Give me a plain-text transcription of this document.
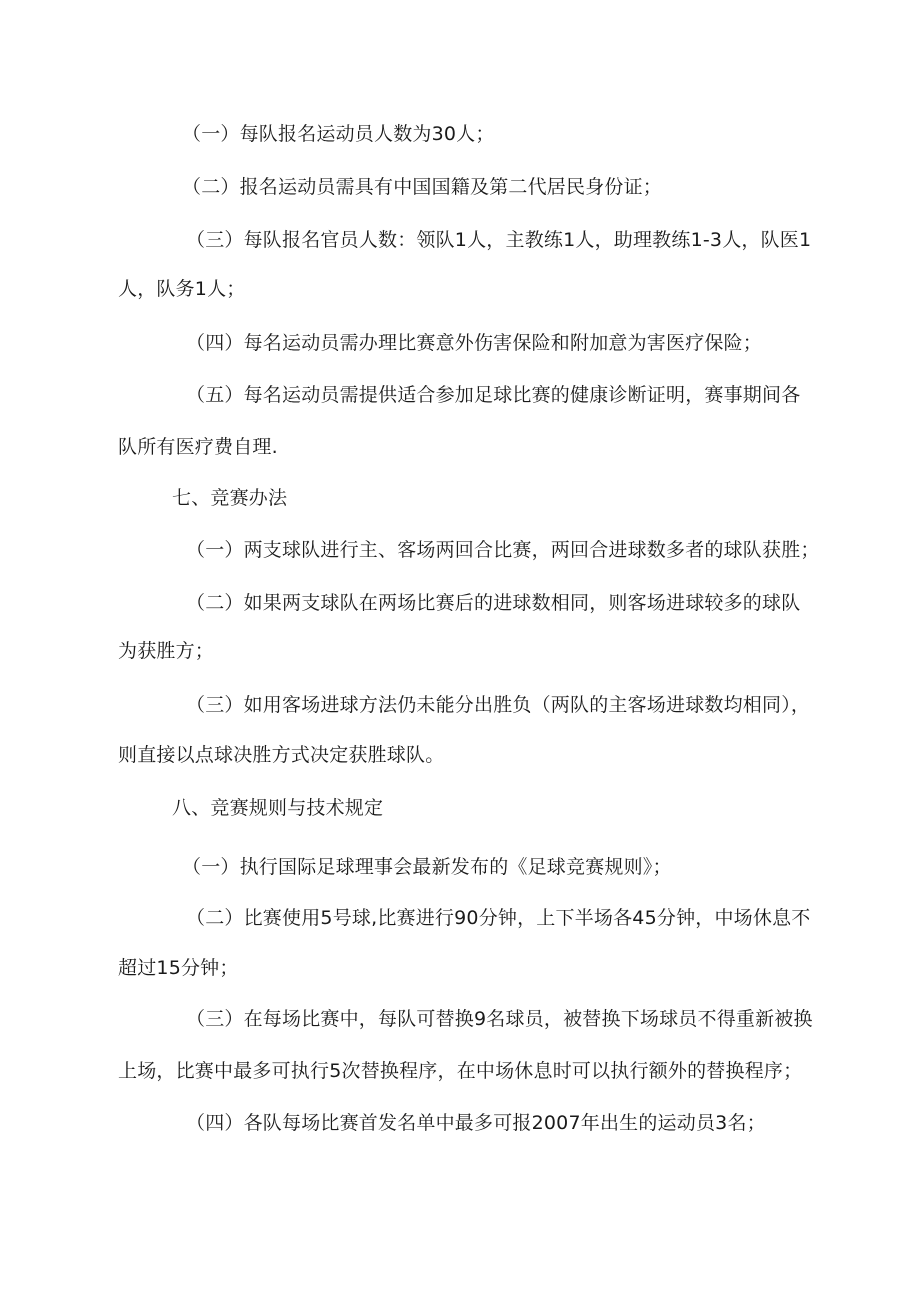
（一）每队报名运动员人数为30人；

（二）报名运动员需具有中国国籍及第二代居民身份证；

（三）每队报名官员人数：领队1人，主教练1人，助理教练1-3人，队医1

人，队务1人；

（四）每名运动员需办理比赛意外伤害保险和附加意为害医疗保险；

（五）每名运动员需提供适合参加足球比赛的健康诊断证明，赛事期间各

队所有医疗费自理.

七、竞赛办法

（一）两支球队进行主、客场两回合比赛，两回合进球数多者的球队获胜；

（二）如果两支球队在两场比赛后的进球数相同，则客场进球较多的球队

为获胜方；

（三）如用客场进球方法仍未能分出胜负（两队的主客场进球数均相同），

则直接以点球决胜方式决定获胜球队。

八、竞赛规则与技术规定

（一）执行国际足球理事会最新发布的《足球竞赛规则》；

（二）比赛使用5号球,比赛进行90分钟，上下半场各45分钟，中场休息不

超过15分钟；

（三）在每场比赛中，每队可替换9名球员，被替换下场球员不得重新被换

上场，比赛中最多可执行5次替换程序，在中场休息时可以执行额外的替换程序；

（四）各队每场比赛首发名单中最多可报2007年出生的运动员3名；
